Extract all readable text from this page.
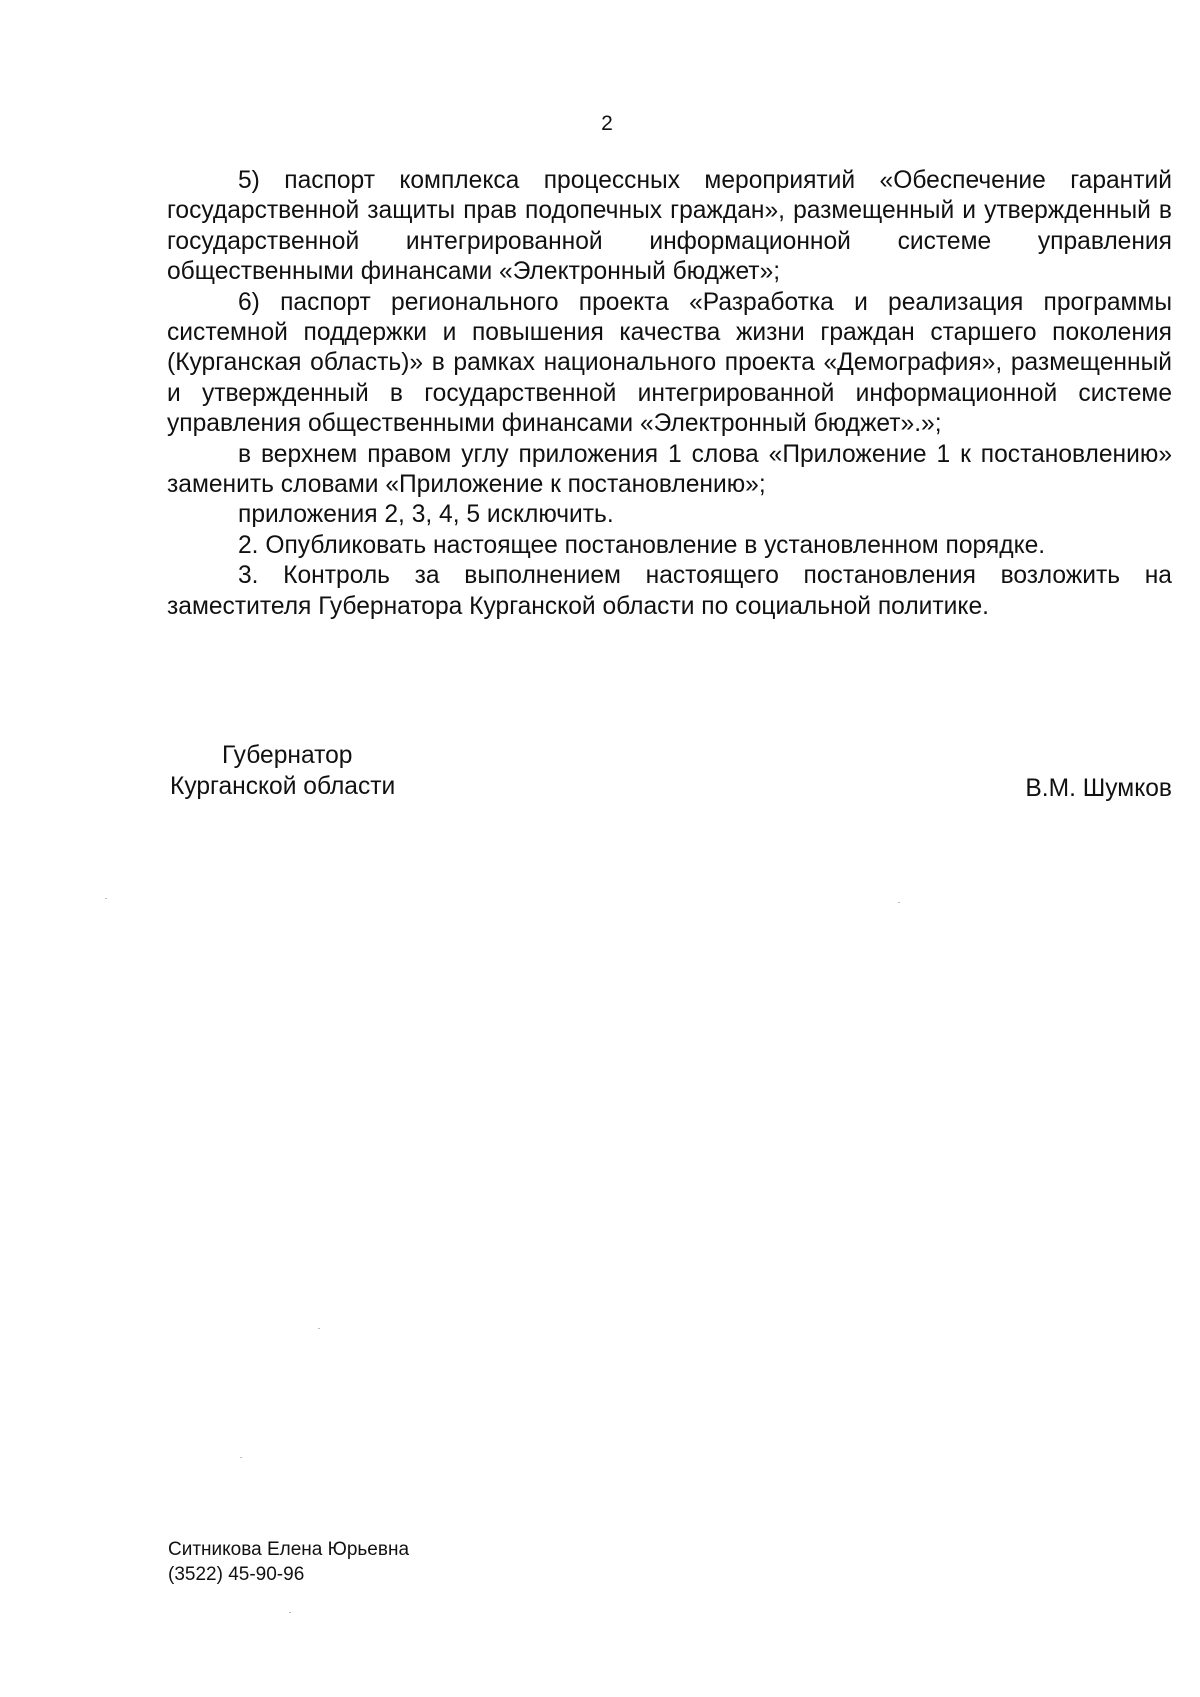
2

5) паспорт комплекса процессных мероприятий «Обеспечение гарантий государственной защиты прав подопечных граждан», размещенный и утвержденный в государственной интегрированной информационной системе управления общественными финансами «Электронный бюджет»;

6) паспорт регионального проекта «Разработка и реализация программы системной поддержки и повышения качества жизни граждан старшего поколения (Курганская область)» в рамках национального проекта «Демография», размещенный и утвержденный в государственной интегрированной информационной системе управления общественными финансами «Электронный бюджет».»;

в верхнем правом углу приложения 1 слова «Приложение 1 к постановлению» заменить словами «Приложение к постановлению»;

приложения 2, 3, 4, 5 исключить.

2. Опубликовать настоящее постановление в установленном порядке.

3. Контроль за выполнением настоящего постановления возложить на заместителя Губернатора Курганской области по социальной политике.

Губернатор
Курганской области	В.М. Шумков
Ситникова Елена Юрьевна
(3522) 45-90-96
